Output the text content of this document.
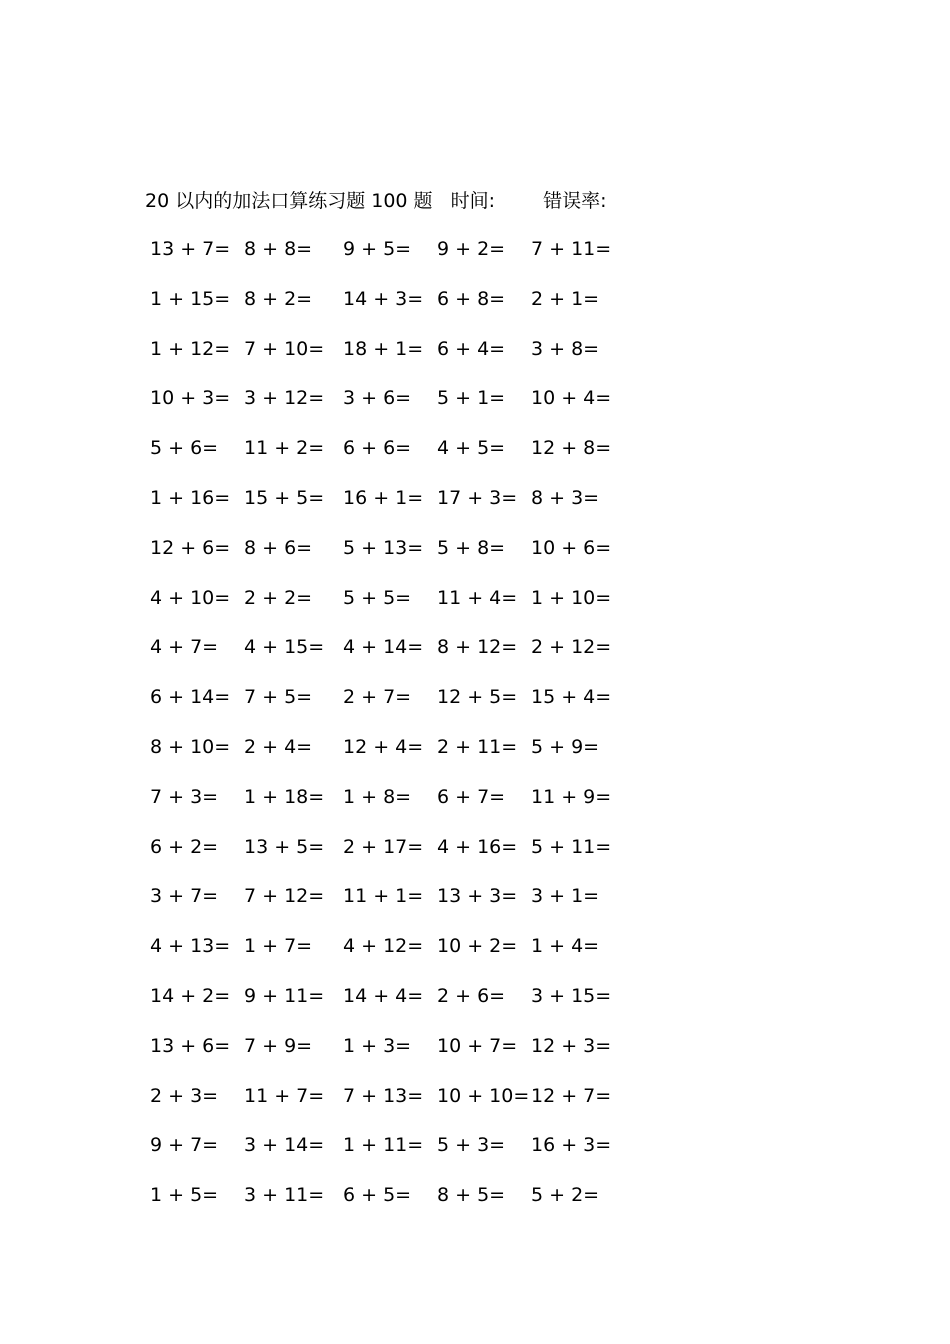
20 以内的加法口算练习题 100 题 时间:	错误率:
13 + 7= 8 + 8= 9 + 5= 9 + 2= 7 + 11=
1 + 15= 8 + 2= 14 + 3= 6 + 8= 2 + 1=
1 + 12= 7 + 10= 18 + 1= 6 + 4= 3 + 8=
10 + 3= 3 + 12= 3 + 6= 5 + 1= 10 + 4=
5 + 6= 11 + 2= 6 + 6= 4 + 5= 12 + 8=
1 + 16= 15 + 5= 16 + 1= 17 + 3= 8 + 3=
12 + 6= 8 + 6= 5 + 13= 5 + 8= 10 + 6=
4 + 10= 2 + 2= 5 + 5= 11 + 4= 1 + 10=
4 + 7= 4 + 15= 4 + 14= 8 + 12= 2 + 12=
6 + 14= 7 + 5= 2 + 7= 12 + 5= 15 + 4=
8 + 10= 2 + 4= 12 + 4= 2 + 11= 5 + 9=
7 + 3= 1 + 18= 1 + 8= 6 + 7= 11 + 9=
6 + 2= 13 + 5= 2 + 17= 4 + 16= 5 + 11=
3 + 7= 7 + 12= 11 + 1= 13 + 3= 3 + 1=
4 + 13= 1 + 7= 4 + 12= 10 + 2= 1 + 4=
14 + 2= 9 + 11= 14 + 4= 2 + 6= 3 + 15=
13 + 6= 7 + 9= 1 + 3= 10 + 7= 12 + 3=
2 + 3= 11 + 7= 7 + 13= 10 + 10= 12 + 7=
9 + 7= 3 + 14= 1 + 11= 5 + 3= 16 + 3=
1 + 5= 3 + 11= 6 + 5= 8 + 5= 5 + 2=
